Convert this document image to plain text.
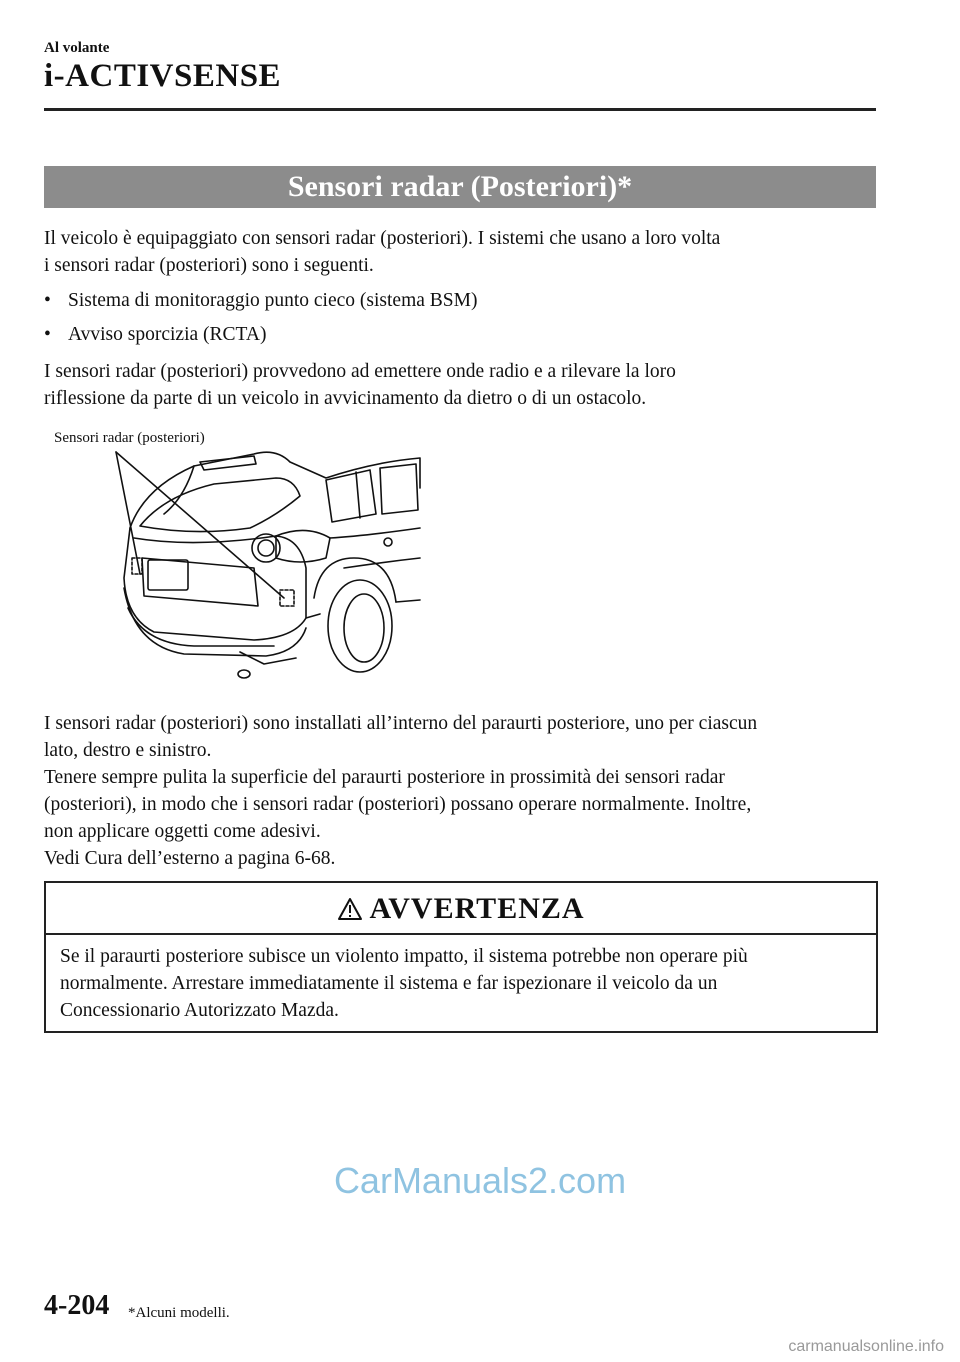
Al volante
i-ACTIVSENSE
Sensori radar (Posteriori)*
Il veicolo è equipaggiato con sensori radar (posteriori). I sistemi che usano a loro volta
i sensori radar (posteriori) sono i seguenti.
• Sistema di monitoraggio punto cieco (sistema BSM)
• Avviso sporcizia (RCTA)
I sensori radar (posteriori) provvedono ad emettere onde radio e a rilevare la loro
riflessione da parte di un veicolo in avvicinamento da dietro o di un ostacolo.
Sensori radar (posteriori)
I sensori radar (posteriori) sono installati all’interno del paraurti posteriore, uno per ciascun
lato, destro e sinistro.
Tenere sempre pulita la superficie del paraurti posteriore in prossimità dei sensori radar
(posteriori), in modo che i sensori radar (posteriori) possano operare normalmente. Inoltre,
non applicare oggetti come adesivi.
Vedi Cura dell’esterno a pagina 6-68.
AVVERTENZA
Se il paraurti posteriore subisce un violento impatto, il sistema potrebbe non operare più
normalmente. Arrestare immediatamente il sistema e far ispezionare il veicolo da un
Concessionario Autorizzato Mazda.
CarManuals2.com
4-204 *Alcuni modelli.
carmanualsonline.info
